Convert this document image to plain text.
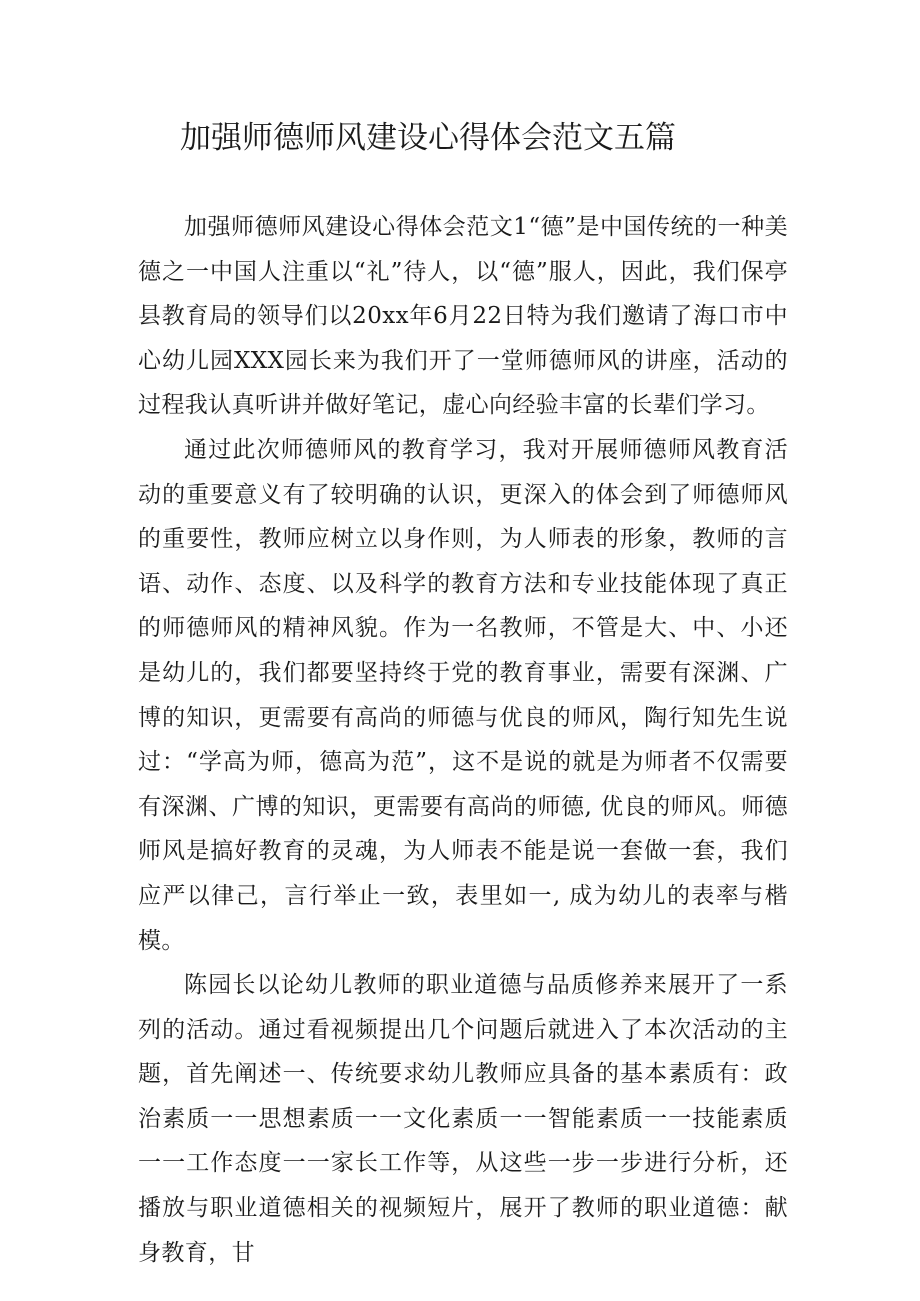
加强师德师风建设心得体会范文五篇

加强师德师风建设心得体会范文1“德”是中国传统的一种美德之一中国人注重以“礼”待人，以“德”服人，因此，我们保亭县教育局的领导们以20xx年6月22日特为我们邀请了海口市中心幼儿园XXX园长来为我们开了一堂师德师风的讲座，活动的过程我认真听讲并做好笔记，虚心向经验丰富的长辈们学习。

通过此次师德师风的教育学习，我对开展师德师风教育活动的重要意义有了较明确的认识，更深入的体会到了师德师风的重要性，教师应树立以身作则，为人师表的形象，教师的言语、动作、态度、以及科学的教育方法和专业技能体现了真正的师德师风的精神风貌。作为一名教师，不管是大、中、小还是幼儿的，我们都要坚持终于党的教育事业，需要有深渊、广博的知识，更需要有高尚的师德与优良的师风，陶行知先生说过：“学高为师，德高为范”，这不是说的就是为师者不仅需要有深渊、广博的知识，更需要有高尚的师德, 优良的师风。师德师风是搞好教育的灵魂，为人师表不能是说一套做一套，我们应严以律己，言行举止一致，表里如一, 成为幼儿的表率与楷模。

陈园长以论幼儿教师的职业道德与品质修养来展开了一系列的活动。通过看视频提出几个问题后就进入了本次活动的主题，首先阐述一、传统要求幼儿教师应具备的基本素质有：政治素质一一思想素质一一文化素质一一智能素质一一技能素质一一工作态度一一家长工作等，从这些一步一步进行分析，还播放与职业道德相关的视频短片，展开了教师的职业道德：献身教育，甘
